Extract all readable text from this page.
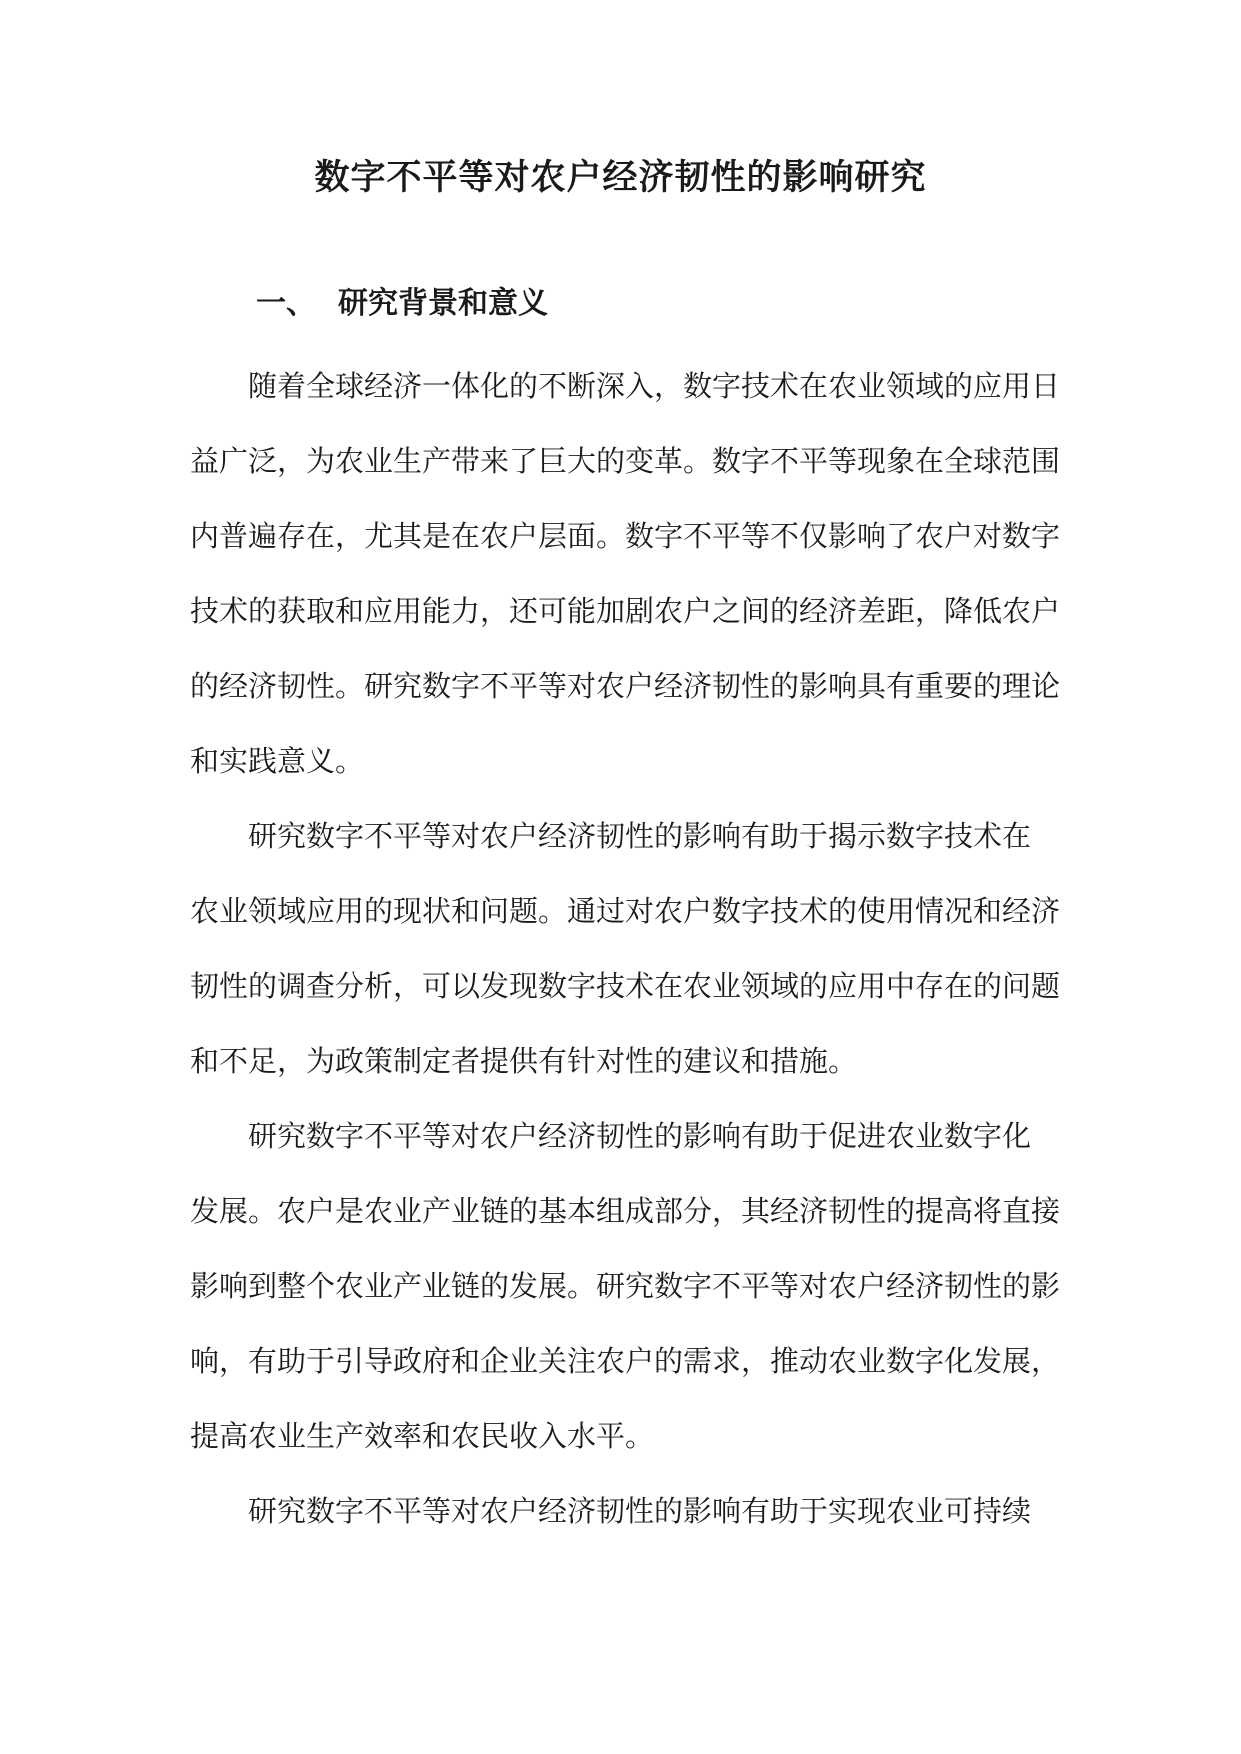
数字不平等对农户经济韧性的影响研究
一、 研究背景和意义

随着全球经济一体化的不断深入，数字技术在农业领域的应用日
益广泛，为农业生产带来了巨大的变革。数字不平等现象在全球范围
内普遍存在，尤其是在农户层面。数字不平等不仅影响了农户对数字
技术的获取和应用能力，还可能加剧农户之间的经济差距，降低农户
的经济韧性。研究数字不平等对农户经济韧性的影响具有重要的理论
和实践意义。

研究数字不平等对农户经济韧性的影响有助于揭示数字技术在
农业领域应用的现状和问题。通过对农户数字技术的使用情况和经济
韧性的调查分析，可以发现数字技术在农业领域的应用中存在的问题
和不足，为政策制定者提供有针对性的建议和措施。

研究数字不平等对农户经济韧性的影响有助于促进农业数字化
发展。农户是农业产业链的基本组成部分，其经济韧性的提高将直接
影响到整个农业产业链的发展。研究数字不平等对农户经济韧性的影
响，有助于引导政府和企业关注农户的需求，推动农业数字化发展，
提高农业生产效率和农民收入水平。

研究数字不平等对农户经济韧性的影响有助于实现农业可持续
